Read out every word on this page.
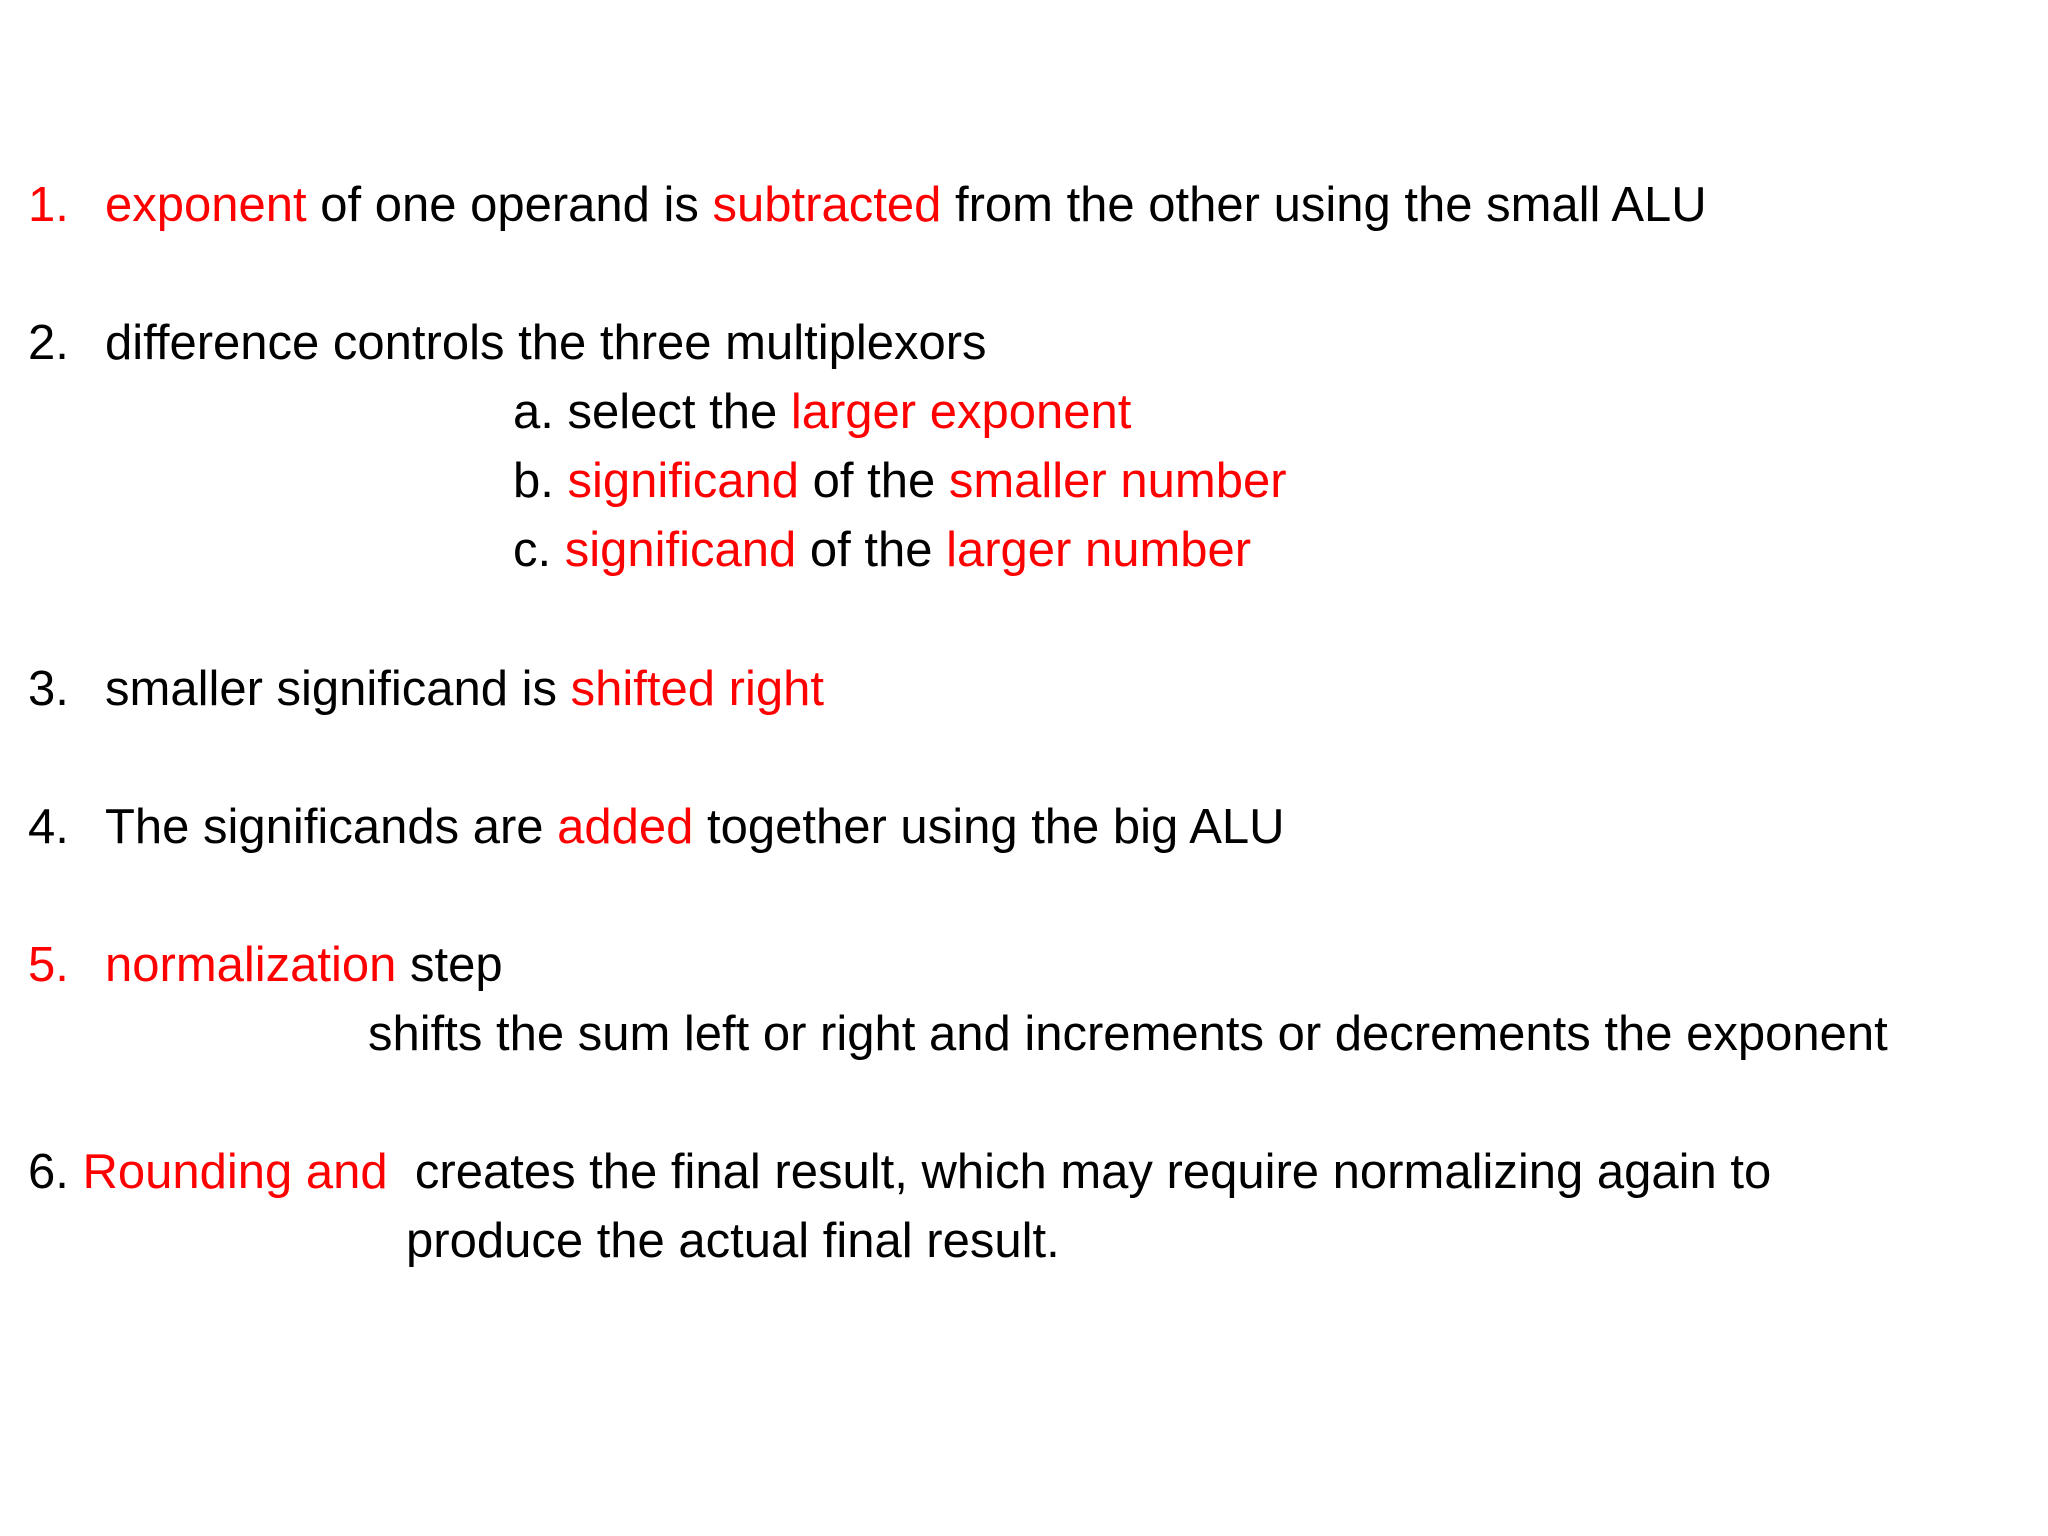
1. exponent of one operand is subtracted from the other using the small ALU
2. difference controls the three multiplexors
a. select the larger exponent
b. significand of the smaller number
c. significand of the larger number
3. smaller significand is shifted right
4. The significands are added together using the big ALU
5. normalization step
shifts the sum left or right and increments or decrements the exponent
6. Rounding and  creates the final result, which may require normalizing again to
produce the actual final result.
